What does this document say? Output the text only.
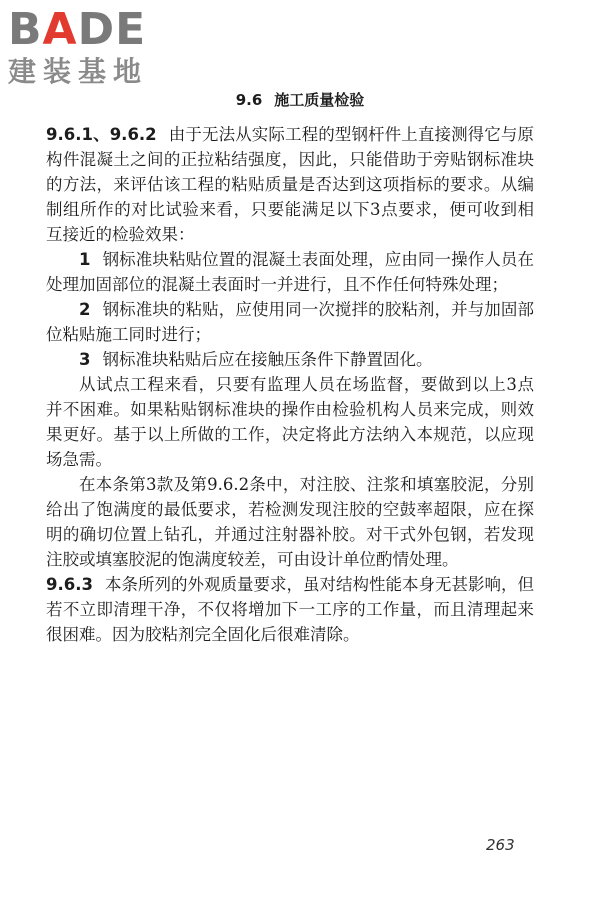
BADE
建装基地
9.6 施工质量检验

9.6.1、9.6.2 由于无法从实际工程的型钢杆件上直接测得它与原构件混凝土之间的正拉粘结强度，因此，只能借助于旁贴钢标准块的方法，来评估该工程的粘贴质量是否达到这项指标的要求。从编制组所作的对比试验来看，只要能满足以下3点要求，便可收到相互接近的检验效果：

1 钢标准块粘贴位置的混凝土表面处理，应由同一操作人员在处理加固部位的混凝土表面时一并进行，且不作任何特殊处理；

2 钢标准块的粘贴，应使用同一次搅拌的胶粘剂，并与加固部位粘贴施工同时进行；

3 钢标准块粘贴后应在接触压条件下静置固化。

从试点工程来看，只要有监理人员在场监督，要做到以上3点并不困难。如果粘贴钢标准块的操作由检验机构人员来完成，则效果更好。基于以上所做的工作，决定将此方法纳入本规范，以应现场急需。

在本条第3款及第9.6.2条中，对注胶、注浆和填塞胶泥，分别给出了饱满度的最低要求，若检测发现注胶的空鼓率超限，应在探明的确切位置上钻孔，并通过注射器补胶。对干式外包钢，若发现注胶或填塞胶泥的饱满度较差，可由设计单位酌情处理。

9.6.3 本条所列的外观质量要求，虽对结构性能本身无甚影响，但若不立即清理干净，不仅将增加下一工序的工作量，而且清理起来很困难。因为胶粘剂完全固化后很难清除。

263
